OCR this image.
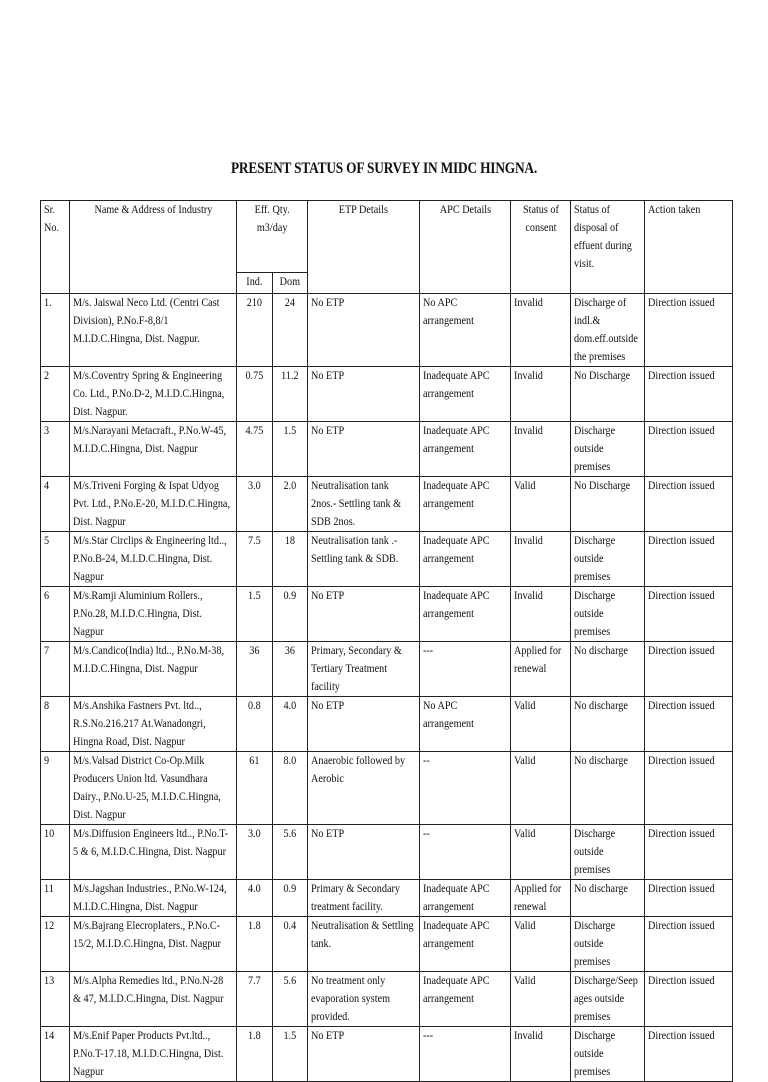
PRESENT STATUS OF SURVEY IN MIDC HINGNA.
Sr. No.	Name & Address of Industry	Eff. Qty. m3/day		ETP Details	APC Details	Status of consent	Status of disposal of effuent during visit.	Action taken

		Ind.	Dom					

1.	M/s. Jaiswal Neco Ltd. (Centri Cast Division), P.No.F-8,8/1 M.I.D.C.Hingna, Dist. Nagpur.	210	24	No ETP	No APC arrangement	Invalid	Discharge of indl.& dom.eff.outside the premises	Direction issued

2	M/s.Coventry Spring & Engineering Co. Ltd., P.No.D-2, M.I.D.C.Hingna, Dist. Nagpur.	0.75	11.2	No ETP	Inadequate APC arrangement	Invalid	No Discharge	Direction issued

3	M/s.Narayani Metacraft., P.No.W-45, M.I.D.C.Hingna, Dist. Nagpur	4.75	1.5	No ETP	Inadequate APC arrangement	Invalid	Discharge outside premises	Direction issued

4	M/s.Triveni Forging & Ispat Udyog Pvt. Ltd., P.No.E-20, M.I.D.C.Hingna, Dist. Nagpur	3.0	2.0	Neutralisation tank 2nos.- Settling tank & SDB 2nos.	Inadequate APC arrangement	Valid	No Discharge	Direction issued

5	M/s.Star Circlips & Engineering ltd.., P.No.B-24, M.I.D.C.Hingna, Dist. Nagpur	7.5	18	Neutralisation tank .- Settling tank & SDB.	Inadequate APC arrangement	Invalid	Discharge outside premises	Direction issued

6	M/s.Ramji Aluminium Rollers., P.No.28, M.I.D.C.Hingna, Dist. Nagpur	1.5	0.9	No ETP	Inadequate APC arrangement	Invalid	Discharge outside premises	Direction issued

7	M/s.Candico(India) ltd.., P.No.M-38, M.I.D.C.Hingna, Dist. Nagpur	36	36	Primary, Secondary & Tertiary Treatment facility	---	Applied for renewal	No discharge	Direction issued

8	M/s.Anshika Fastners Pvt. ltd.., R.S.No.216.217 At.Wanadongri, Hingna Road, Dist. Nagpur	0.8	4.0	No ETP	No APC arrangement	Valid	No discharge	Direction issued

9	M/s.Valsad District Co-Op.Milk Producers Union ltd. Vasundhara Dairy., P.No.U-25, M.I.D.C.Hingna, Dist. Nagpur	61	8.0	Anaerobic followed by Aerobic	--	Valid	No discharge	Direction issued

10	M/s.Diffusion Engineers ltd.., P.No.T-5 & 6, M.I.D.C.Hingna, Dist. Nagpur	3.0	5.6	No ETP	--	Valid	Discharge outside premises	Direction issued

11	M/s.Jagshan Industries., P.No.W-124, M.I.D.C.Hingna, Dist. Nagpur	4.0	0.9	Primary & Secondary treatment facility.	Inadequate APC arrangement	Applied for renewal	No discharge	Direction issued

12	M/s.Bajrang Elecroplaters., P.No.C-15/2, M.I.D.C.Hingna, Dist. Nagpur	1.8	0.4	Neutralisation & Settling tank.	Inadequate APC arrangement	Valid	Discharge outside premises	Direction issued

13	M/s.Alpha Remedies ltd., P.No.N-28 & 47, M.I.D.C.Hingna, Dist. Nagpur	7.7	5.6	No treatment only evaporation system provided.	Inadequate APC arrangement	Valid	Discharge/Seepages outside premises	Direction issued

14	M/s.Enif Paper Products Pvt.ltd.., P.No.T-17.18, M.I.D.C.Hingna, Dist. Nagpur	1.8	1.5	No ETP	---	Invalid	Discharge outside premises	Direction issued
